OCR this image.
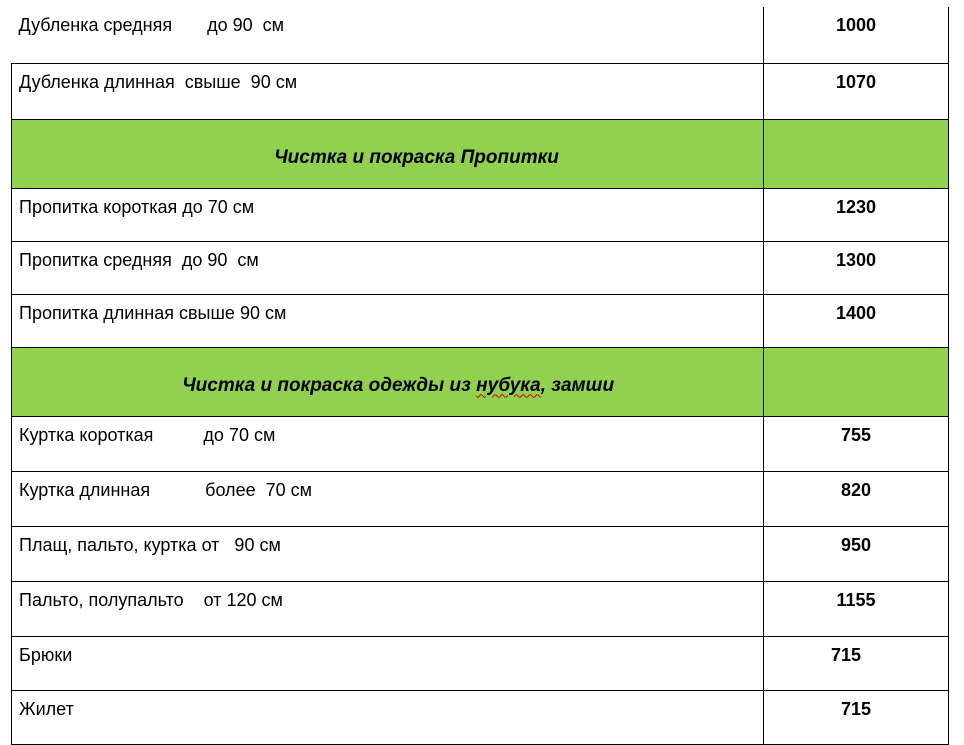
Дубленка средняя       до 90  см	1000
Дубленка длинная  свыше  90 см	1070

Чистка и покраска Пропитки

Пропитка короткая до 70 см	1230
Пропитка средняя  до 90  см	1300
Пропитка длинная свыше 90 см	1400

Чистка и покраска одежды из нубука, замши

Куртка короткая          до 70 см	755
Куртка длинная           более  70 см	820
Плащ, пальто, куртка от   90 см	950
Пальто, полупальто    от 120 см	1155
Брюки	715
Жилет	715
